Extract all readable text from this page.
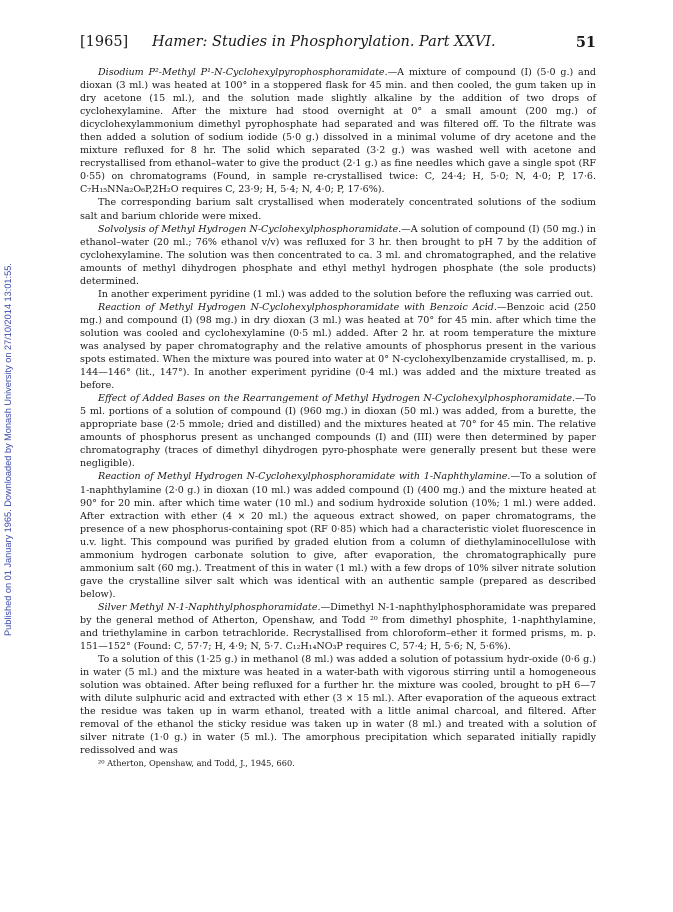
Published on 01 January 1965. Downloaded by Monash University on 27/10/2014 13:01:55.
[1965] Hamer: Studies in Phosphorylation. Part XXVI.	51

Disodium P²-Methyl P¹-N-Cyclohexylpyrophosphoramidate.—A mixture of compound (I) (5·0 g.) and dioxan (3 ml.) was heated at 100° in a stoppered flask for 45 min. and then cooled, the gum taken up in dry acetone (15 ml.), and the solution made slightly alkaline by the addition of two drops of cyclohexylamine. After the mixture had stood overnight at 0° a small amount (200 mg.) of dicyclohexylammonium dimethyl pyrophosphate had separated and was filtered off. To the filtrate was then added a solution of sodium iodide (5·0 g.) dissolved in a minimal volume of dry acetone and the mixture refluxed for 8 hr. The solid which separated (3·2 g.) was washed well with acetone and recrystallised from ethanol–water to give the product (2·1 g.) as fine needles which gave a single spot (RF 0·55) on chromatograms (Found, in sample re-crystallised twice: C, 24·4; H, 5·0; N, 4·0; P, 17·6. C₇H₁₅NNa₂O₆P,2H₂O requires C, 23·9; H, 5·4; N, 4·0; P, 17·6%).

The corresponding barium salt crystallised when moderately concentrated solutions of the sodium salt and barium chloride were mixed.

Solvolysis of Methyl Hydrogen N-Cyclohexylphosphoramidate.—A solution of compound (I) (50 mg.) in ethanol–water (20 ml.; 76% ethanol v/v) was refluxed for 3 hr. then brought to pH 7 by the addition of cyclohexylamine. The solution was then concentrated to ca. 3 ml. and chromatographed, and the relative amounts of methyl dihydrogen phosphate and ethyl methyl hydrogen phosphate (the sole products) determined.

In another experiment pyridine (1 ml.) was added to the solution before the refluxing was carried out.

Reaction of Methyl Hydrogen N-Cyclohexylphosphoramidate with Benzoic Acid.—Benzoic acid (250 mg.) and compound (I) (98 mg.) in dry dioxan (3 ml.) was heated at 70° for 45 min. after which time the solution was cooled and cyclohexylamine (0·5 ml.) added. After 2 hr. at room temperature the mixture was analysed by paper chromatography and the relative amounts of phosphorus present in the various spots estimated. When the mixture was poured into water at 0° N-cyclohexylbenzamide crystallised, m. p. 144—146° (lit., 147°). In another experiment pyridine (0·4 ml.) was added and the mixture treated as before.

Effect of Added Bases on the Rearrangement of Methyl Hydrogen N-Cyclohexylphosphoramidate.—To 5 ml. portions of a solution of compound (I) (960 mg.) in dioxan (50 ml.) was added, from a burette, the appropriate base (2·5 mmole; dried and distilled) and the mixtures heated at 70° for 45 min. The relative amounts of phosphorus present as unchanged compounds (I) and (III) were then determined by paper chromatography (traces of dimethyl dihydrogen pyro-phosphate were generally present but these were negligible).

Reaction of Methyl Hydrogen N-Cyclohexylphosphoramidate with 1-Naphthylamine.—To a solution of 1-naphthylamine (2·0 g.) in dioxan (10 ml.) was added compound (I) (400 mg.) and the mixture heated at 90° for 20 min. after which time water (10 ml.) and sodium hydroxide solution (10%; 1 ml.) were added. After extraction with ether (4 × 20 ml.) the aqueous extract showed, on paper chromatograms, the presence of a new phosphorus-containing spot (RF 0·85) which had a characteristic violet fluorescence in u.v. light. This compound was purified by graded elution from a column of diethylaminocellulose with ammonium hydrogen carbonate solution to give, after evaporation, the chromatographically pure ammonium salt (60 mg.). Treatment of this in water (1 ml.) with a few drops of 10% silver nitrate solution gave the crystalline silver salt which was identical with an authentic sample (prepared as described below).

Silver Methyl N-1-Naphthylphosphoramidate.—Dimethyl N-1-naphthylphosphoramidate was prepared by the general method of Atherton, Openshaw, and Todd ²⁰ from dimethyl phosphite, 1-naphthylamine, and triethylamine in carbon tetrachloride. Recrystallised from chloroform–ether it formed prisms, m. p. 151—152° (Found: C, 57·7; H, 4·9; N, 5·7. C₁₂H₁₄NO₃P requires C, 57·4; H, 5·6; N, 5·6%).

To a solution of this (1·25 g.) in methanol (8 ml.) was added a solution of potassium hydr-oxide (0·6 g.) in water (5 ml.) and the mixture was heated in a water-bath with vigorous stirring until a homogeneous solution was obtained. After being refluxed for a further hr. the mixture was cooled, brought to pH 6—7 with dilute sulphuric acid and extracted with ether (3 × 15 ml.). After evaporation of the aqueous extract the residue was taken up in warm ethanol, treated with a little animal charcoal, and filtered. After removal of the ethanol the sticky residue was taken up in water (8 ml.) and treated with a solution of silver nitrate (1·0 g.) in water (5 ml.). The amorphous precipitation which separated initially rapidly redissolved and was

²⁰ Atherton, Openshaw, and Todd, J., 1945, 660.
